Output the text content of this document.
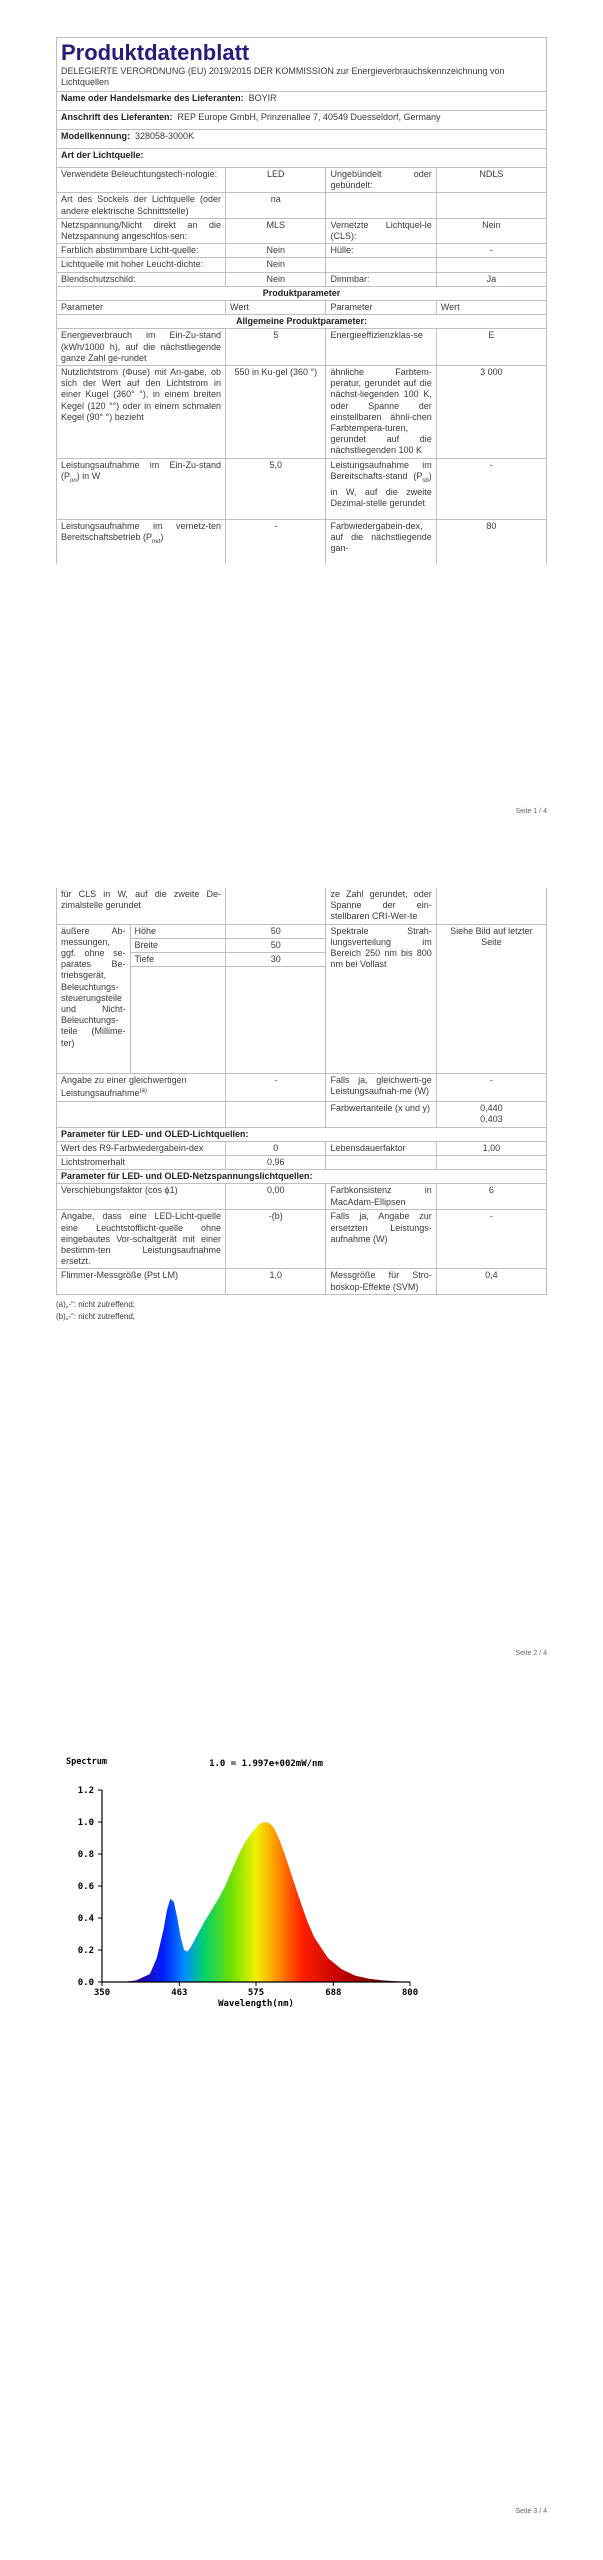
Produktdatenblatt
DELEGIERTE VERORDNUNG (EU) 2019/2015 DER KOMMISSION zur Energieverbrauchskennzeichnung von Lichtquellen

Name oder Handelsmarke des Lieferanten: BOYIR
Anschrift des Lieferanten: REP Europe GmbH, Prinzenallee 7, 40549 Duesseldorf, Germany
Modellkennung: 328058-3000K
Art der Lichtquelle:
Verwendete Beleuchtungstech-nologie:	LED	Ungebündelt oder gebündelt:	NDLS
Art des Sockels der Lichtquelle (oder andere elektrische Schnittstelle)	na		
Netzspannung/Nicht direkt an die Netzspannung angeschlos-sen:	MLS	Vernetzte Lichtquel-le (CLS):	Nein
Farblich abstimmbare Licht-quelle:	Nein	Hülle:	-
Lichtquelle mit hoher Leucht-dichte:	Nein		
Blendschutzschild:	Nein	Dimmbar:	Ja
Produktparameter			
Parameter	Wert	Parameter	Wert
Allgemeine Produktparameter:			
Energieverbrauch im Ein-Zu-stand (kWh/1000 h), auf die nächstliegende ganze Zahl ge-rundet	5	Energieeffizienzklas-se	E
Nutzlichtstrom (Φuse) mit An-gabe, ob sich der Wert auf den Lichtstrom in einer Kugel (360° °), in einem breiten Kegel (120 °°) oder in einem schmalen Kegel (90° °) bezieht	550 in Ku-gel (360 °)	ähnliche Farbtem-peratur, gerundet auf die nächst-liegenden 100 K, oder Spanne der einstellbaren ähnli-chen Farbtempera-turen, gerundet auf die nächstliegenden 100 K	3 000
Leistungsaufnahme im Ein-Zu-stand $(P_{on})$ in W	5,0	Leistungsaufnahme im Bereitschafts-stand $(P_{sb})$ in W, auf die zweite Dezimal-stelle gerundet	-
Leistungsaufnahme im vernetz-ten Bereitschaftsbetrieb $(P_{net})$	-	Farbwiedergabein-dex, auf die nächstliegende gan-	80
Seite 1 / 4
für CLS in W, auf die zweite De-zimalstelle gerundet		ze Zahl gerundet, oder Spanne der ein-stellbaren CRI-Wer-te	
äußere Ab-messungen, ggf. ohne se-parates Be-triebsgerät, Beleuchtungs-steuerungsteile und Nicht-Beleuchtungs-teile (Millime-ter)	Höhe	50	Spektrale Strah-lungsverteilung im Bereich 250 nm bis 800 nm bei Vollast	Siehe Bild auf letzter Seite
	Breite	50		
	Tiefe	30		

Angabe zu einer gleichwertigen Leistungsaufnahme$^{(a)}$	-	Falls ja, gleichwerti-ge Leistungsaufnah-me (W)	-
		Farbwertanteile (x und y)	0,440
0,403
Parameter für LED- und OLED-Lichtquellen:			
Wert des R9-Farbwiedergabein-dex	0	Lebensdauerfaktor	1,00
Lichtstromerhalt	0,96		
Parameter für LED- und OLED-Netzspannungslichtquellen:			
Verschiebungsfaktor (cos ϕ1)	0,00	Farbkonsistenz in MacAdam-Ellipsen	6
Angabe, dass eine LED-Licht-quelle eine Leuchtstofflicht-quelle ohne eingebautes Vor-schaltgerät mit einer bestimm-ten Leistungsaufnahme ersetzt.	-(b)	Falls ja, Angabe zur ersetzten Leistungs-aufnahme (W)	-
Flimmer-Messgröße (Pst LM)	1,0	Messgröße für Stro-boskop-Effekte (SVM)	0,4
(a)„-“: nicht zutreffend;
(b)„-“: nicht zutreffend;
Seite 2 / 4
Seite 3 / 4
0.0
0.2
0.4
0.6
0.8
1.0
1.2
350	463	575	688	800
1.0 = 1.997e+002mW/nm
Spectrum
Wavelength(nm)
